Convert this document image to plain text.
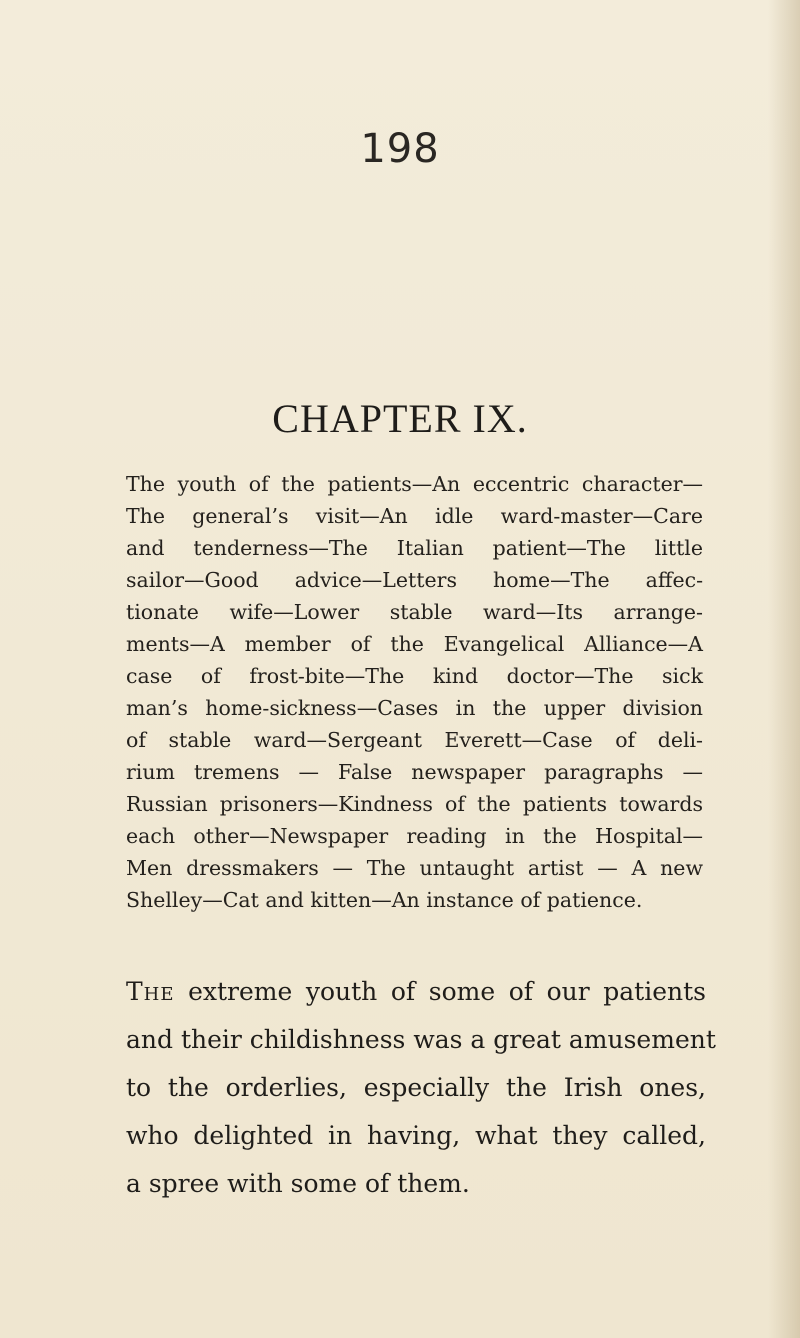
198
CHAPTER IX.
The youth of the patients—An eccentric character—
The general’s visit—An idle ward-master—Care
and tenderness—The Italian patient—The little
sailor—Good advice—Letters home—The affec-
tionate wife—Lower stable ward—Its arrange-
ments—A member of the Evangelical Alliance—A
case of frost-bite—The kind doctor—The sick
man’s home-sickness—Cases in the upper division
of stable ward—Sergeant Everett—Case of deli-
rium tremens — False newspaper paragraphs —
Russian prisoners—Kindness of the patients towards
each other—Newspaper reading in the Hospital—
Men dressmakers — The untaught artist — A new
Shelley—Cat and kitten—An instance of patience.
The extreme youth of some of our patients
and their childishness was a great amusement
to the orderlies, especially the Irish ones,
who delighted in having, what they called,
a spree with some of them.
